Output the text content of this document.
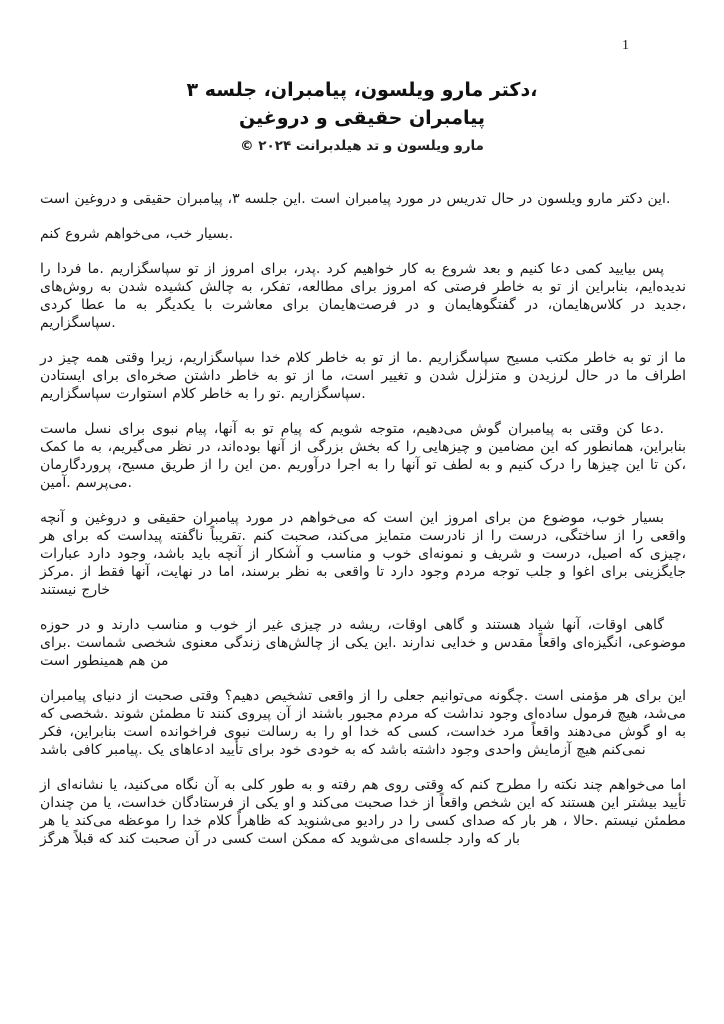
1
،دکتر مارو ویلسون، پیامبران، جلسه ۳
پیامبران حقیقی و دروغین
مارو ویلسون و تد هیلدبرانت ۲۰۲۴ ©

.این دکتر مارو ویلسون در حال تدریس در مورد پیامبران است .این جلسه ۳، پیامبران حقیقی و دروغین است

.بسیار خب، می‌خواهم شروع کنم

پس بیایید کمی دعا کنیم و بعد شروع به کار خواهیم کرد .پدر، برای امروز از تو سپاسگزاریم .ما فردا را ندیده‌ایم، بنابراین از تو به خاطر فرصتی که امروز برای مطالعه، تفکر، به چالش کشیده شدن به روش‌های ،جدید در کلاس‌هایمان، در گفتگوهایمان و در فرصت‌هایمان برای معاشرت با یکدیگر به ما عطا کردی .سپاسگزاریم

ما از تو به خاطر مکتب مسیح سپاسگزاریم .ما از تو به خاطر کلام خدا سپاسگزاریم، زیرا وقتی همه چیز در اطراف ما در حال لرزیدن و متزلزل شدن و تغییر است، ما از تو به خاطر داشتن صخره‌ای برای ایستادن .سپاسگزاریم .تو را به خاطر کلام استوارت سپاسگزاریم

.دعا کن وقتی به پیامبران گوش می‌دهیم، متوجه شویم که پیام تو به آنها، پیام نبوی برای نسل ماست بنابراین، همانطور که این مضامین و چیزهایی را که بخش بزرگی از آنها بوده‌اند، در نظر می‌گیریم، به ما کمک ،کن تا این چیزها را درک کنیم و به لطف تو آنها را به اجرا درآوریم .من این را از طریق مسیح، پروردگارمان .می‌پرسم .آمین

بسیار خوب، موضوع من برای امروز این است که می‌خواهم در مورد پیامبران حقیقی و دروغین و آنچه واقعی را از ساختگی، درست را از نادرست متمایز می‌کند، صحبت کنم .تقریباً ناگفته پیداست که برای هر ،چیزی که اصیل، درست و شریف و نمونه‌ای خوب و مناسب و آشکار از آنچه باید باشد، وجود دارد عبارات جایگزینی برای اغوا و جلب توجه مردم وجود دارد تا واقعی به نظر برسند، اما در نهایت، آنها فقط از .مرکز خارج نیستند

گاهی اوقات، آنها شیاد هستند و گاهی اوقات، ریشه در چیزی غیر از خوب و مناسب دارند و در حوزه موضوعی، انگیزه‌ای واقعاً مقدس و خدایی ندارند .این یکی از چالش‌های زندگی معنوی شخصی شماست .برای من هم همینطور است

این برای هر مؤمنی است .چگونه می‌توانیم جعلی را از واقعی تشخیص دهیم؟ وقتی صحبت از دنیای پیامبران می‌شد، هیچ فرمول ساده‌ای وجود نداشت که مردم مجبور باشند از آن پیروی کنند تا مطمئن شوند .شخصی که به او گوش می‌دهند واقعاً مرد خداست، کسی که خدا او را به رسالت نبوی فراخوانده است بنابراین، فکر نمی‌کنم هیچ آزمایش واحدی وجود داشته باشد که به خودی خود برای تأیید ادعاهای یک .پیامبر کافی باشد

اما می‌خواهم چند نکته را مطرح کنم که وقتی روی هم رفته و به طور کلی به آن نگاه می‌کنید، یا نشانه‌ای از تأیید بیشتر این هستند که این شخص واقعاً از خدا صحبت می‌کند و او یکی از فرستادگان خداست، یا من چندان مطمئن نیستم .حالا ، هر بار که صدای کسی را در رادیو می‌شنوید که ظاهراً کلام خدا را موعظه می‌کند یا هر بار که وارد جلسه‌ای می‌شوید که ممکن است کسی در آن صحبت کند که قبلاً هرگز
